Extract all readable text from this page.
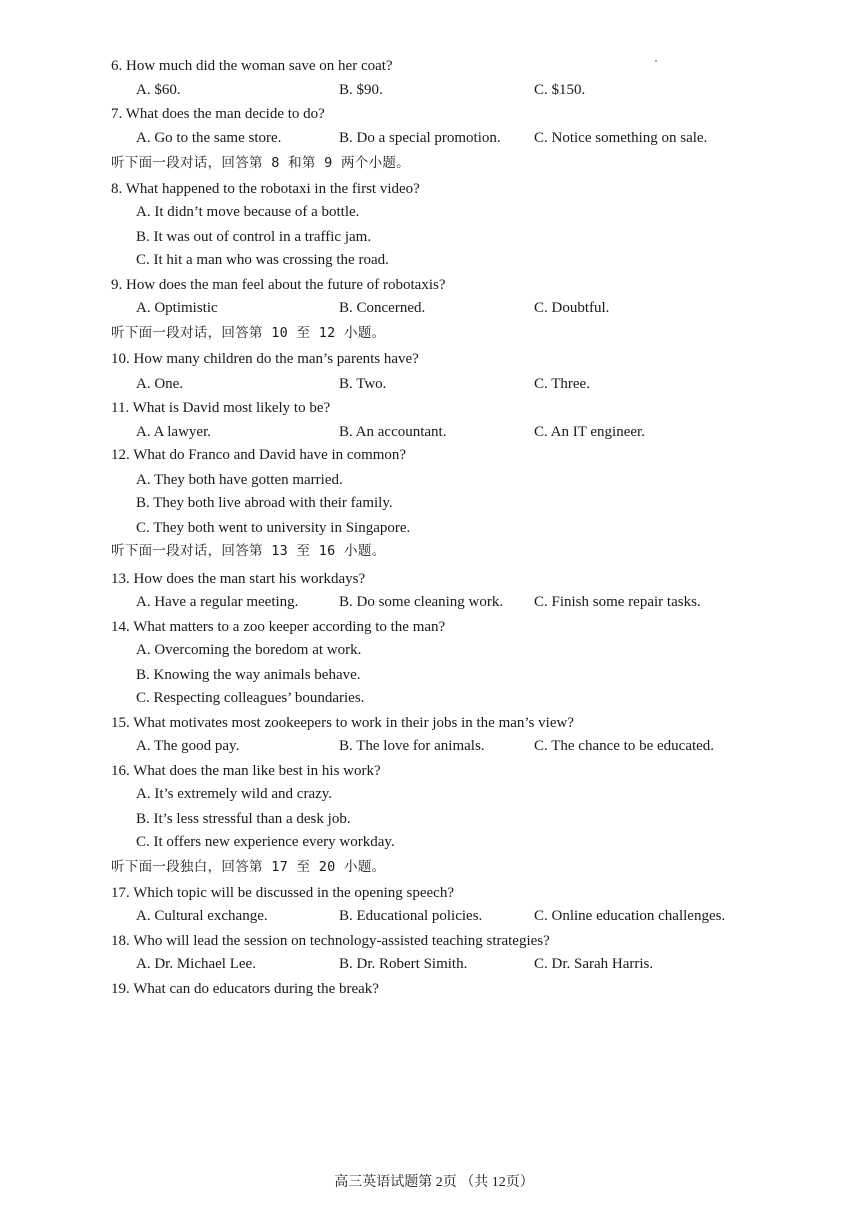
6. How much did the woman save on her coat?
A. $60.	B. $90.	C. $150.
7. What does the man decide to do?
A. Go to the same store.	B. Do a special promotion. C. Notice something on sale.
听下面一段对话，回答第 8 和第 9 两个小题。
8. What happened to the robotaxi in the first video?
A. It didn’t move because of a bottle.
B. It was out of control in a traffic jam.
C. It hit a man who was crossing the road.
9. How does the man feel about the future of robotaxis?
A. Optimistic	B. Concerned.	C. Doubtful.
听下面一段对话，回答第 10 至 12 小题。
10. How many children do the man’s parents have?
A. One.	B. Two.	C. Three.
11. What is David most likely to be?
A. A lawyer.	B. An accountant.	C. An IT engineer.
12. What do Franco and David have in common?
A. They both have gotten married.
B. They both live abroad with their family.
C. They both went to university in Singapore.
听下面一段对话，回答第 13 至 16 小题。
13. How does the man start his workdays?
A. Have a regular meeting.	B. Do some cleaning work. C. Finish some repair tasks.
14. What matters to a zoo keeper according to the man?
A. Overcoming the boredom at work.
B. Knowing the way animals behave.
C. Respecting colleagues’ boundaries.
15. What motivates most zookeepers to work in their jobs in the man’s view?
A. The good pay.	B. The love for animals.	C. The chance to be educated.
16. What does the man like best in his work?
A. It’s extremely wild and crazy.
B. It’s less stressful than a desk job.
C. It offers new experience every workday.
听下面一段独白，回答第 17 至 20 小题。
17. Which topic will be discussed in the opening speech?
A. Cultural exchange.	B. Educational policies.	C. Online education challenges.
18. Who will lead the session on technology-assisted teaching strategies?
A. Dr. Michael Lee.	B. Dr. Robert Simith.	C. Dr. Sarah Harris.
19. What can do educators during the break?
高三英语试题第 2页 （共 12页）
